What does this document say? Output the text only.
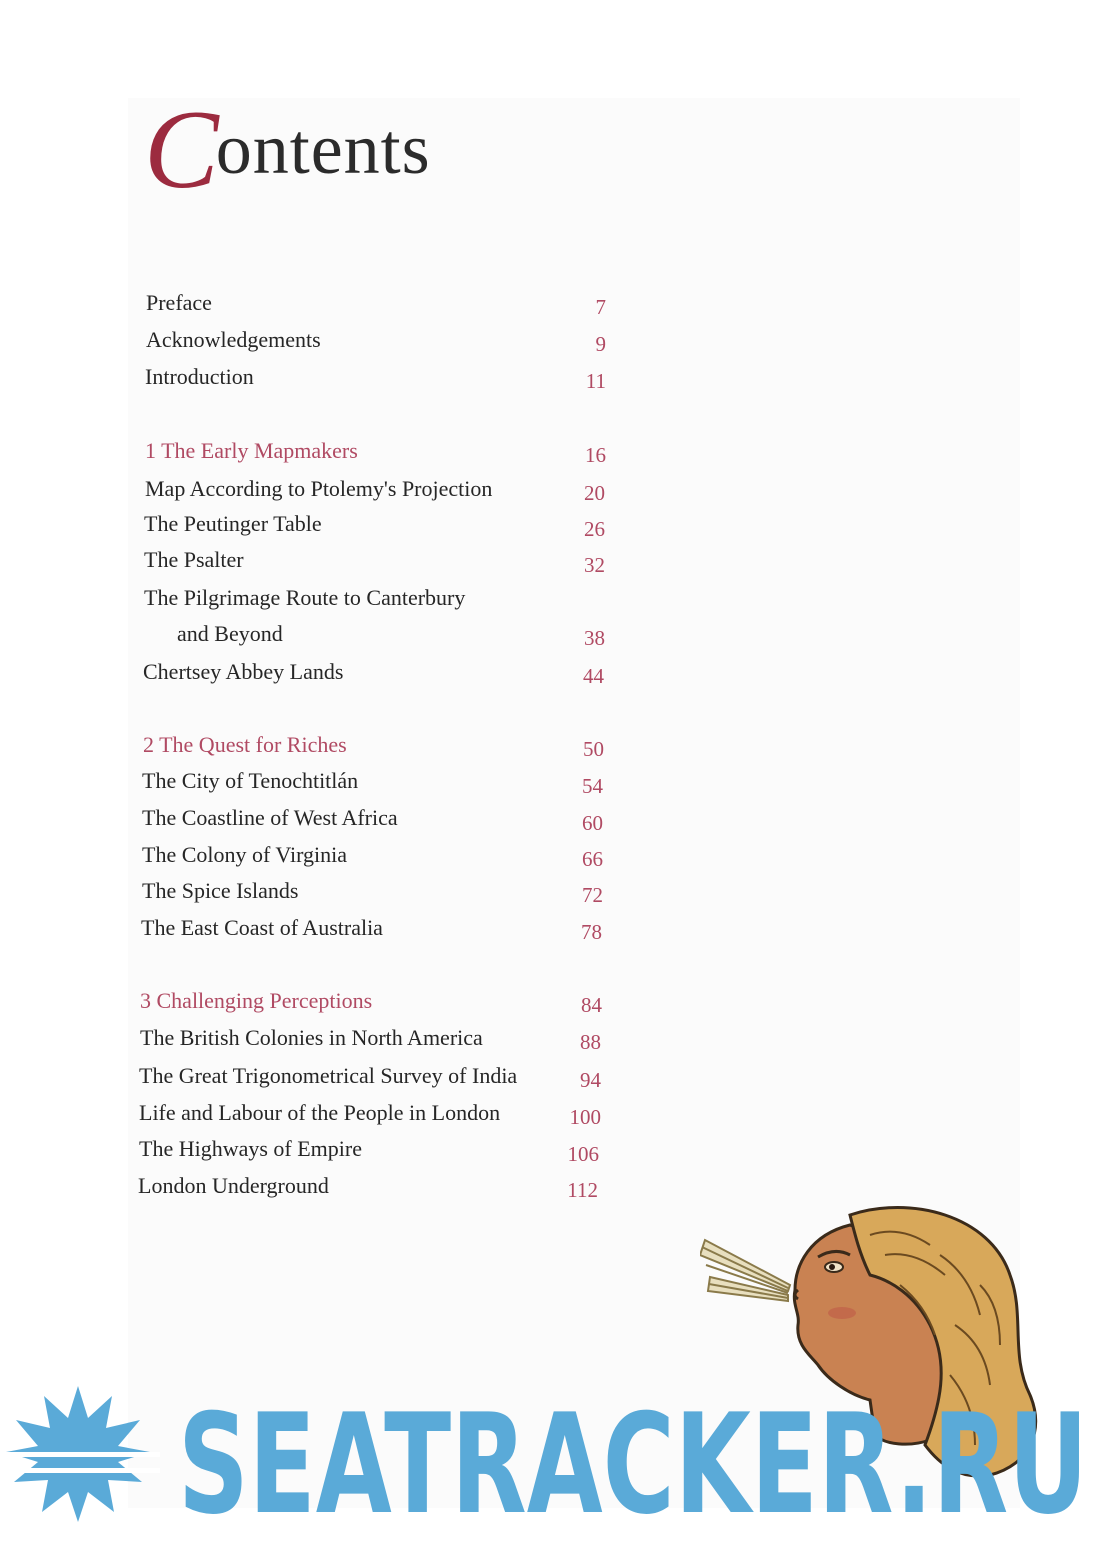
Contents
Preface	7
Acknowledgements	9
Introduction	11
1 The Early Mapmakers	16
Map According to Ptolemy's Projection	20
The Peutinger Table	26
The Psalter	32
The Pilgrimage Route to Canterbury
and Beyond	38
Chertsey Abbey Lands	44
2 The Quest for Riches	50
The City of Tenochtitlán	54
The Coastline of West Africa	60
The Colony of Virginia	66
The Spice Islands	72
The East Coast of Australia	78
3 Challenging Perceptions	84
The British Colonies in North America	88
The Great Trigonometrical Survey of India	94
Life and Labour of the People in London	100
The Highways of Empire	106
London Underground	112
SEATRACKER.RU
